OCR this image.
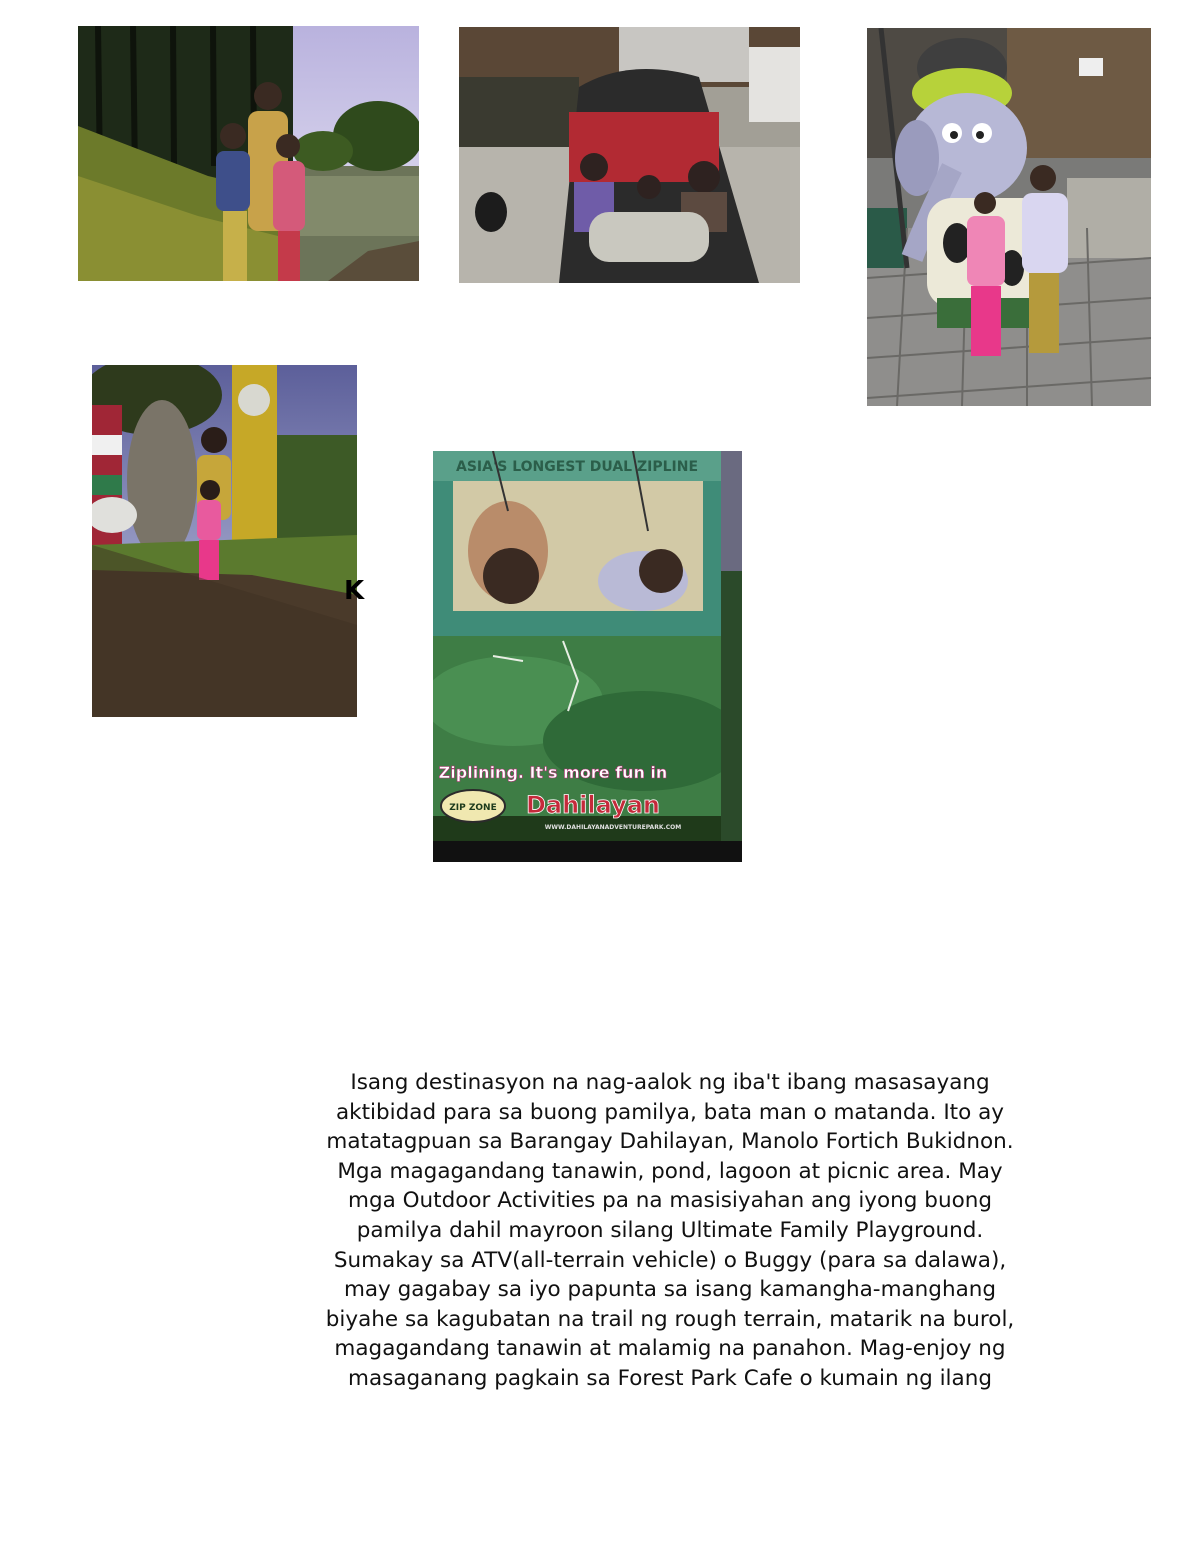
K
ASIA'S LONGEST DUAL ZIPLINE
Ziplining. It's more fun in
ZIP ZONE Dahilayan
WWW.DAHILAYANADVENTUREPARK.COM
Isang destinasyon na nag-aalok ng iba't ibang masasayang
aktibidad para sa buong pamilya, bata man o matanda. Ito ay
matatagpuan sa Barangay Dahilayan, Manolo Fortich Bukidnon.
Mga magagandang tanawin, pond, lagoon at picnic area. May
mga Outdoor Activities pa na masisiyahan ang iyong buong
pamilya dahil mayroon silang Ultimate Family Playground.
Sumakay sa ATV(all-terrain vehicle) o Buggy (para sa dalawa),
may gagabay sa iyo papunta sa isang kamangha-manghang
biyahe sa kagubatan na trail ng rough terrain, matarik na burol,
magagandang tanawin at malamig na panahon. Mag-enjoy ng
masaganang pagkain sa Forest Park Cafe o kumain ng ilang
